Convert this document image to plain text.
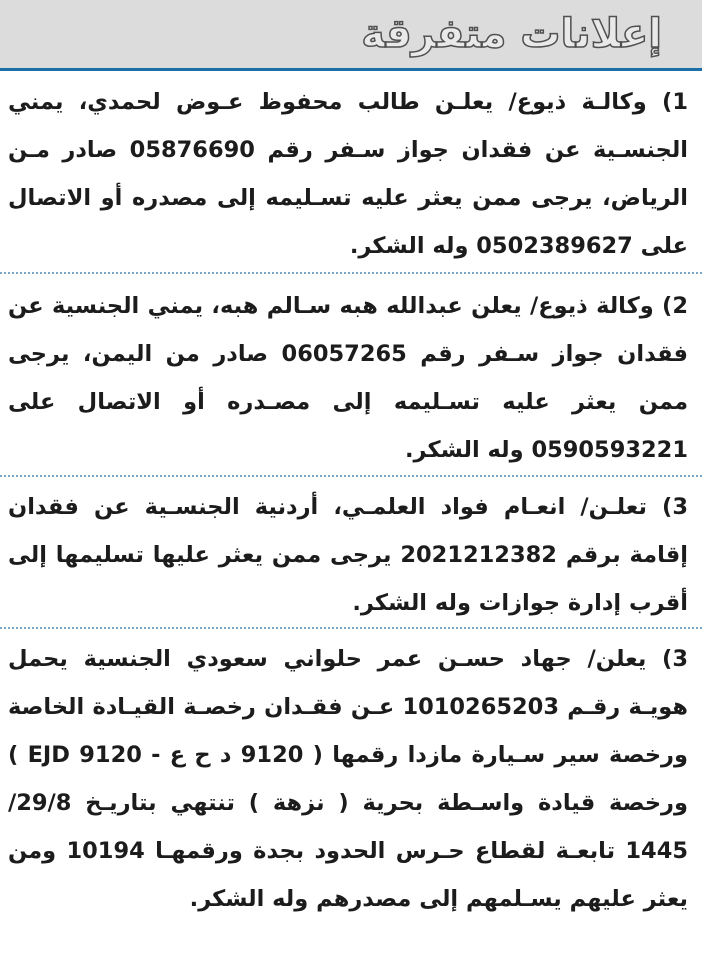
إعلانات متفرقة
1) وكالـة ذيوع/ يعلـن طالب محفوظ عـوض لحمدي، يمني الجنسـية عن فقدان جواز سـفر رقم 05876690 صادر مـن الرياض، يرجى ممن يعثر عليه تسـليمه إلى مصدره أو الاتصال على 0502389627 وله الشكر.
2) وكالة ذيوع/ يعلن عبدالله هبه سـالم هبه، يمني الجنسية عن فقدان جواز سـفر رقم 06057265 صادر من اليمن، يرجى ممن يعثر عليه تسـليمه إلى مصـدره أو الاتصال على 0590593221 وله الشكر.
3) تعلـن/ انعـام فواد العلمـي، أردنية الجنسـية عن فقدان إقامة برقم 2021212382 يرجى ممن يعثر عليها تسليمها إلى أقرب إدارة جوازات وله الشكر.
3) يعلن/ جهاد حسـن عمر حلواني سعودي الجنسية يحمل هويـة رقـم 1010265203 عـن فقـدان رخصـة القيـادة الخاصة ورخصة سير سـيارة مازدا رقمها ( 9120 د ح ع - 9120 EJD ) ورخصة قيادة واسـطة بحرية ( نزهة ) تنتهي بتاريـخ 29/8/ 1445 تابعـة لقطاع حـرس الحدود بجدة ورقمهـا 10194 ومن يعثر عليهم يسـلمهم إلى مصدرهم وله الشكر.
